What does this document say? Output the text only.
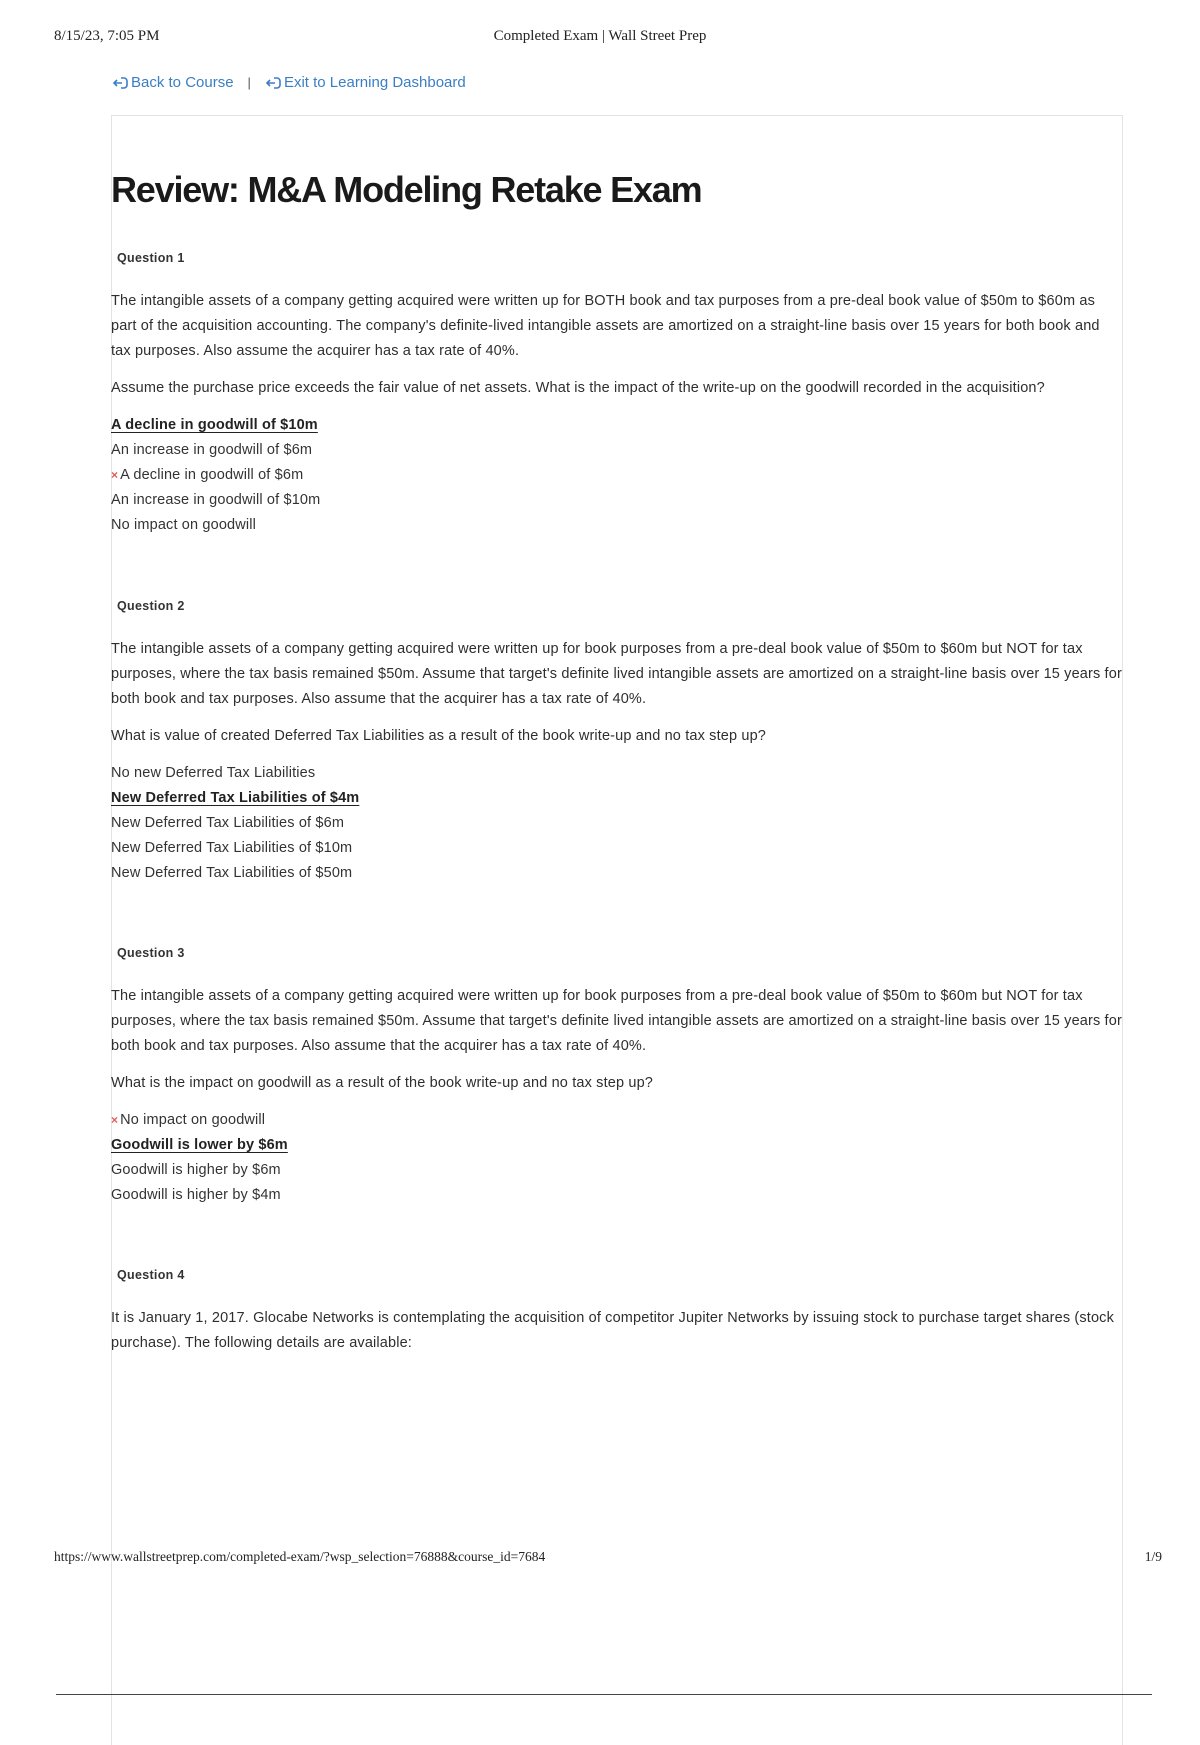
8/15/23, 7:05 PM	Completed Exam | Wall Street Prep
Back to Course | Exit to Learning Dashboard
Review: M&A Modeling Retake Exam
Question 1

The intangible assets of a company getting acquired were written up for BOTH book and tax purposes from a pre-deal book value of $50m to $60m as part of the acquisition accounting. The company's definite-lived intangible assets are amortized on a straight-line basis over 15 years for both book and tax purposes. Also assume the acquirer has a tax rate of 40%.

Assume the purchase price exceeds the fair value of net assets. What is the impact of the write-up on the goodwill recorded in the acquisition?

A decline in goodwill of $10m
An increase in goodwill of $6m
× A decline in goodwill of $6m
An increase in goodwill of $10m
No impact on goodwill
Question 2

The intangible assets of a company getting acquired were written up for book purposes from a pre-deal book value of $50m to $60m but NOT for tax purposes, where the tax basis remained $50m. Assume that target's definite lived intangible assets are amortized on a straight-line basis over 15 years for both book and tax purposes. Also assume that the acquirer has a tax rate of 40%.

What is value of created Deferred Tax Liabilities as a result of the book write-up and no tax step up?

No new Deferred Tax Liabilities
New Deferred Tax Liabilities of $4m
New Deferred Tax Liabilities of $6m
New Deferred Tax Liabilities of $10m
New Deferred Tax Liabilities of $50m
Question 3

The intangible assets of a company getting acquired were written up for book purposes from a pre-deal book value of $50m to $60m but NOT for tax purposes, where the tax basis remained $50m. Assume that target's definite lived intangible assets are amortized on a straight-line basis over 15 years for both book and tax purposes. Also assume that the acquirer has a tax rate of 40%.

What is the impact on goodwill as a result of the book write-up and no tax step up?

× No impact on goodwill
Goodwill is lower by $6m
Goodwill is higher by $6m
Goodwill is higher by $4m
Question 4

It is January 1, 2017. Glocabe Networks is contemplating the acquisition of competitor Jupiter Networks by issuing stock to purchase target shares (stock purchase). The following details are available:

https://www.wallstreetprep.com/completed-exam/?wsp_selection=76888&course_id=7684	1/9
